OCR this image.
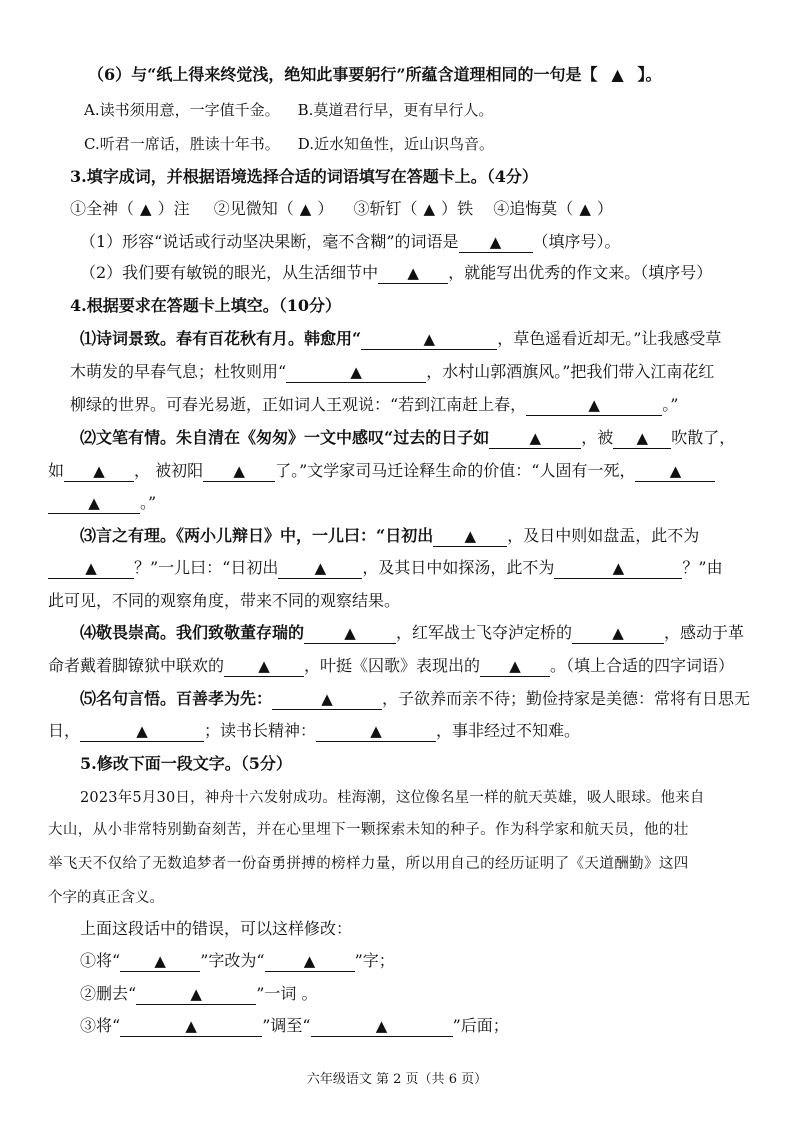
（6）与“纸上得来终觉浅，绝知此事要躬行”所蕴含道理相同的一句是【 ▲ 】。
A.读书须用意，一字值千金。 B.莫道君行早，更有早行人。
C.听君一席话，胜读十年书。 D.近水知鱼性，近山识鸟音。
3.填字成词，并根据语境选择合适的词语填写在答题卡上。（4分）
①全神（ ▲ ）注 ②见微知（ ▲ ） ③斩钉（ ▲ ）铁 ④追悔莫（ ▲ ）
（1）形容“说话或行动坚决果断，毫不含糊”的词语是 ▲ （填序号）。
（2）我们要有敏锐的眼光，从生活细节中 ▲ ，就能写出优秀的作文来。（填序号）
4.根据要求在答题卡上填空。（10分）
⑴诗词景致。春有百花秋有月。韩愈用“	▲	，草色遥看近却无。”让我感受草
木萌发的早春气息；杜牧则用“	▲	，水村山郭酒旗风。”把我们带入江南花红
柳绿的世界。可春光易逝，正如词人王观说：“若到江南赶上春，	▲	。”
⑵文笔有情。朱自清在《匆匆》一文中感叹“过去的日子如	▲	，被 ▲ 吹散了，
如 ▲ ， 被初阳 ▲ 了。”文学家司马迁诠释生命的价值：“人固有一死， ▲
▲	。”
⑶言之有理。《两小儿辩日》中，一儿曰：“日初出 ▲ ，及日中则如盘盂，此不为
▲ ？”一儿曰：“日初出 ▲ ，及其日中如探汤，此不为	▲	？”由
此可见，不同的观察角度，带来不同的观察结果。
⑷敬畏崇高。我们致敬董存瑞的	▲	，红军战士飞夺泸定桥的	▲	，感动于革
命者戴着脚镣狱中联欢的 ▲ ，叶挺《囚歌》表现出的 ▲ 。（填上合适的四字词语）
⑸名句言悟。百善孝为先：	▲	，子欲养而亲不待；勤俭持家是美德：常将有日思无
日，	▲	；读书长精神：	▲	，事非经过不知难。
5.修改下面一段文字。（5分）
2023年5月30日，神舟十六发射成功。桂海潮，这位像名星一样的航天英雄，吸人眼球。他来自
大山，从小非常特别勤奋刻苦，并在心里埋下一颗探索未知的种子。作为科学家和航天员，他的壮
举飞天不仅给了无数追梦者一份奋勇拼搏的榜样力量，所以用自己的经历证明了《天道酬勤》这四
个字的真正含义。
上面这段话中的错误，可以这样修改：
①将“ ▲ ”字改为“	▲ ”字；
②删去“	▲	”一词 。
③将“	▲	”调至“	▲	”后面；
六年级语文 第 2 页（共 6 页）
